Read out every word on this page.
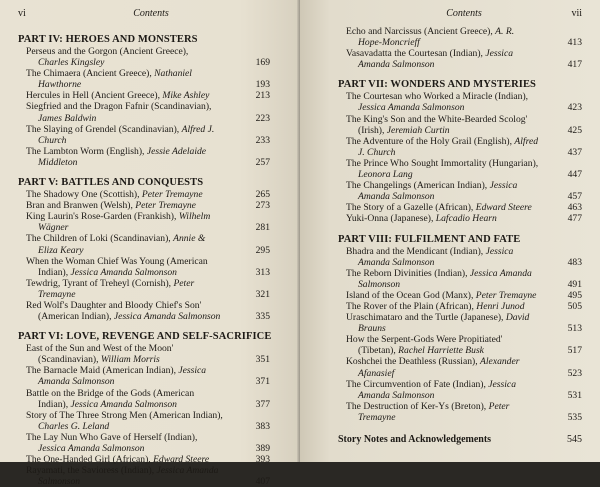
vi	Contents
PART IV: HEROES AND MONSTERS
Perseus and the Gorgon (Ancient Greece),
Charles Kingsley	169
The Chimaera (Ancient Greece), Nathaniel
Hawthorne	193
Hercules in Hell (Ancient Greece), Mike Ashley	213
Siegfried and the Dragon Fafnir (Scandinavian),
James Baldwin	223
The Slaying of Grendel (Scandinavian), Alfred J.
Church	233
The Lambton Worm (English), Jessie Adelaide
Middleton	257
PART V: BATTLES AND CONQUESTS
The Shadowy One (Scottish), Peter Tremayne	265
Bran and Branwen (Welsh), Peter Tremayne	273
King Laurin's Rose-Garden (Frankish), Wilhelm
Wägner	281
The Children of Loki (Scandinavian), Annie &
Eliza Keary	295
When the Woman Chief Was Young (American
Indian), Jessica Amanda Salmonson	313
Tewdrig, Tyrant of Treheyl (Cornish), Peter
Tremayne	321
Red Wolf's Daughter and Bloody Chief's Son'
(American Indian), Jessica Amanda Salmonson	335
PART VI: LOVE, REVENGE AND SELF-SACRIFICE
East of the Sun and West of the Moon'
(Scandinavian), William Morris	351
The Barnacle Maid (American Indian), Jessica
Amanda Salmonson	371
Battle on the Bridge of the Gods (American
Indian), Jessica Amanda Salmonson	377
Story of The Three Strong Men (American Indian),
Charles G. Leland	383
The Lay Nun Who Gave of Herself (Indian),
Jessica Amanda Salmonson	389
The One-Handed Girl (African), Edward Steere	393
Rayamati, the Savioress (Indian), Jessica Amanda
Salmonson	407
Contents	vii
Echo and Narcissus (Ancient Greece), A. R.
Hope-Moncrieff	413
Vasavadatta the Courtesan (Indian), Jessica
Amanda Salmonson	417
PART VII: WONDERS AND MYSTERIES
The Courtesan who Worked a Miracle (Indian),
Jessica Amanda Salmonson	423
The King's Son and the White-Bearded Scolog'
(Irish), Jeremiah Curtin	425
The Adventure of the Holy Grail (English), Alfred
J. Church	437
The Prince Who Sought Immortality (Hungarian),
Leonora Lang	447
The Changelings (American Indian), Jessica
Amanda Salmonson	457
The Story of a Gazelle (African), Edward Steere	463
Yuki-Onna (Japanese), Lafcadio Hearn	477
PART VIII: FULFILMENT AND FATE
Bhadra and the Mendicant (Indian), Jessica
Amanda Salmonson	483
The Reborn Divinities (Indian), Jessica Amanda
Salmonson	491
Island of the Ocean God (Manx), Peter Tremayne	495
The Rover of the Plain (African), Henri Junod	505
Uraschimataro and the Turtle (Japanese), David
Brauns	513
How the Serpent-Gods Were Propitiated'
(Tibetan), Rachel Harriette Busk	517
Koshchei the Deathless (Russian), Alexander
Afanasief	523
The Circumvention of Fate (Indian), Jessica
Amanda Salmonson	531
The Destruction of Ker-Ys (Breton), Peter
Tremayne	535
Story Notes and Acknowledgements	545
